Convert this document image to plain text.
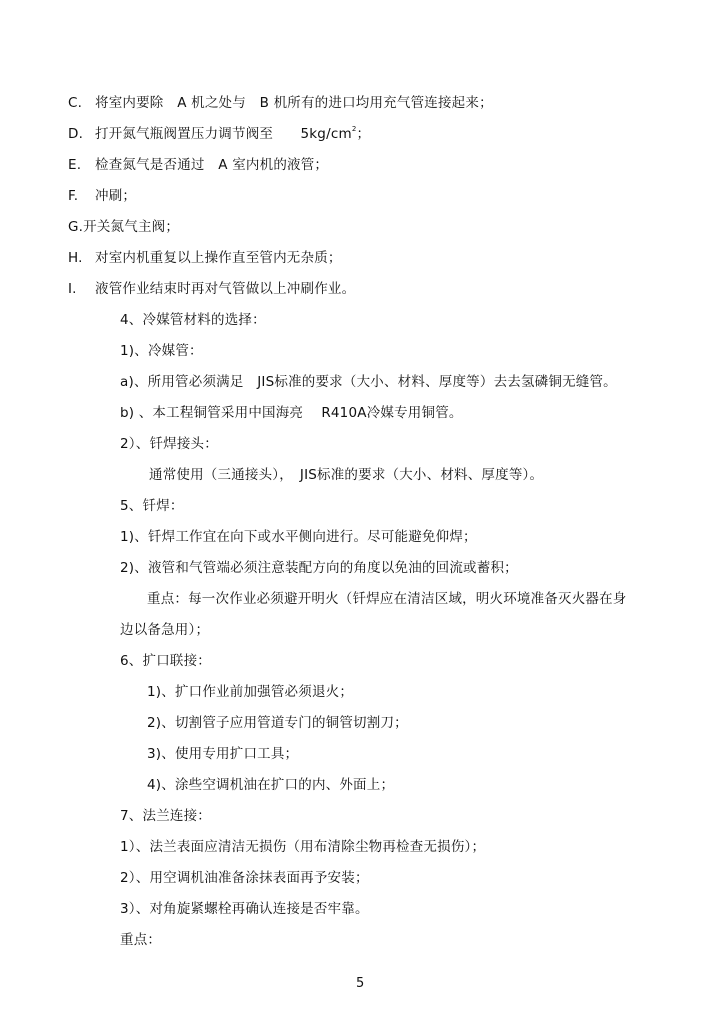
C. 将室内要除　A 机之处与　B 机所有的进口均用充气管连接起来；
D. 打开氮气瓶阀置压力调节阀至　　$5kg/cm^2$；
E. 检查氮气是否通过　A 室内机的液管；
F. 冲刷；
G.开关氮气主阀；
H. 对室内机重复以上操作直至管内无杂质；
I. 液管作业结束时再对气管做以上冲刷作业。
4、冷媒管材料的选择：
1)、冷媒管：
a)、所用管必须满足　JIS标准的要求（大小、材料、厚度等）去去氢磷铜无缝管。
b) 、本工程铜管采用中国海亮　 R410A冷媒专用铜管。
2）、钎焊接头：
通常使用（三通接头），　JIS标准的要求（大小、材料、厚度等）。
5、钎焊：
1)、钎焊工作宜在向下或水平侧向进行。尽可能避免仰焊；
2)、液管和气管端必须注意装配方向的角度以免油的回流或蓄积；
重点：每一次作业必须避开明火（钎焊应在清洁区域，明火环境准备灭火器在身
边以备急用）；
6、扩口联接：
1)、扩口作业前加强管必须退火；
2)、切割管子应用管道专门的铜管切割刀；
3)、使用专用扩口工具；
4)、涂些空调机油在扩口的内、外面上；
7、法兰连接：
1）、法兰表面应清洁无损伤（用布清除尘物再检查无损伤）；
2）、用空调机油准备涂抹表面再予安装；
3）、对角旋紧螺栓再确认连接是否牢靠。
重点：
5
